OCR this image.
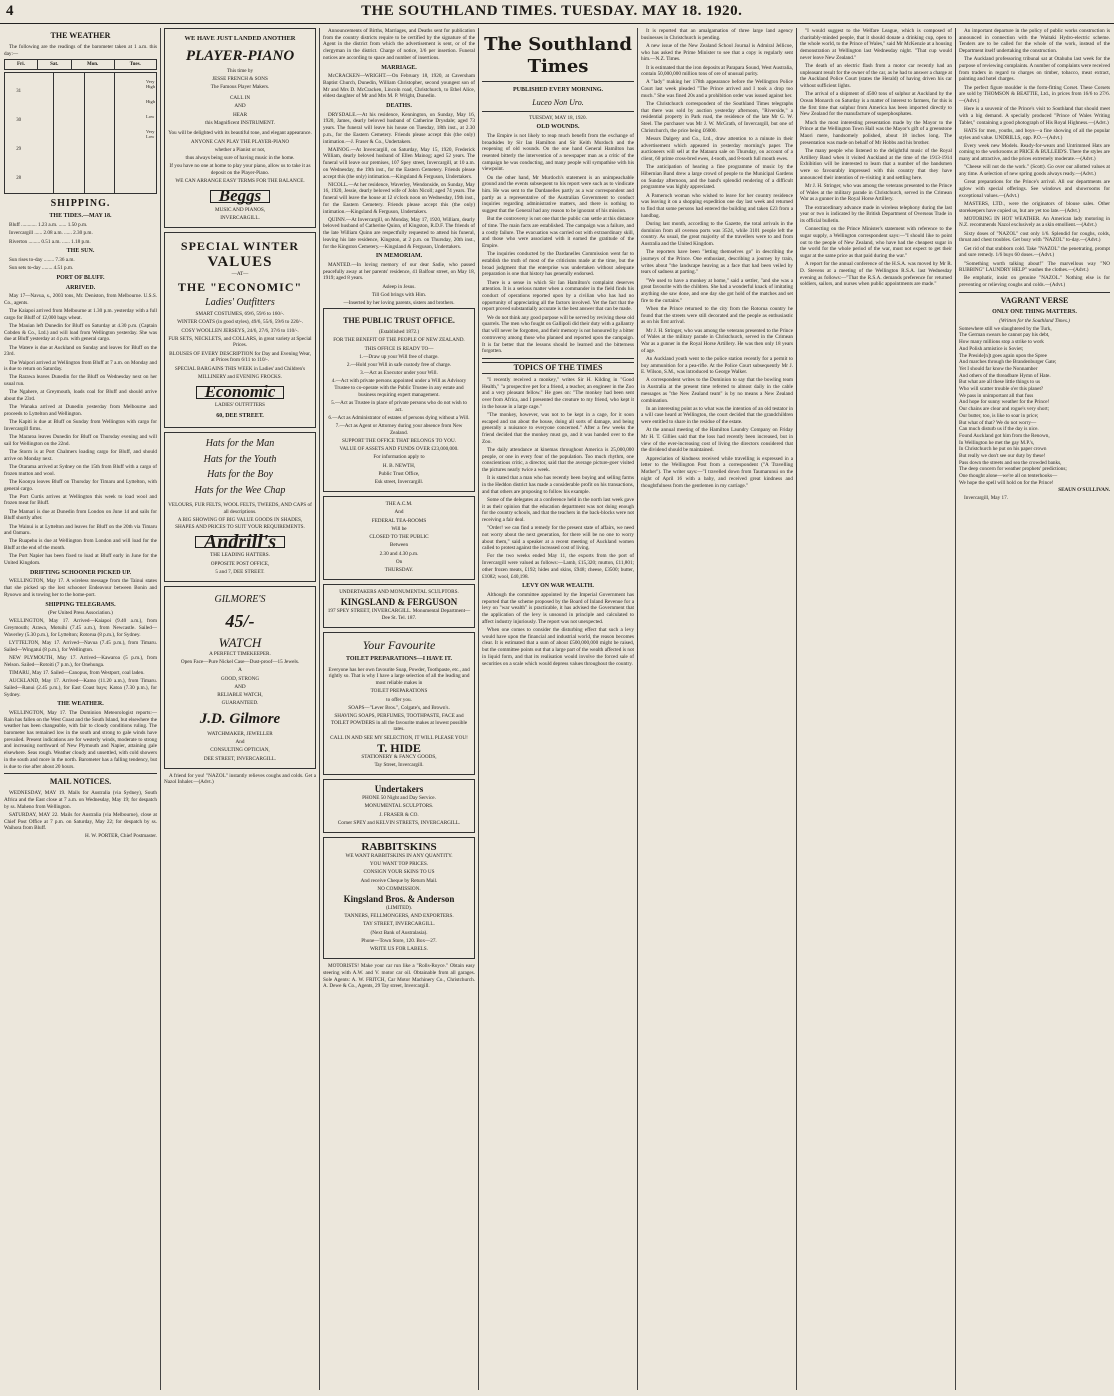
4	THE SOUTHLAND TIMES. TUESDAY. MAY 18. 1920.
THE WEATHER

The following are the readings of the barometer taken at 1 a.m. this day:—

Fri.	Sat.	Mon.	Tues.
31
30
29
28
Very High
High
Low
Very Low
SHIPPING.
THE TIDES.—MAY 18.

Bluff ............ 1.23 a.m. ...... 1.50 p.m.

Invercargill ...... 2.08 a.m. ...... 2.30 p.m.

Riverton ......... 0.51 a.m. ...... 1.18 p.m.

THE SUN.

Sun rises to-day ........ 7.36 a.m.

Sun sets to-day ........ 4.51 p.m.

PORT OF BLUFF.
ARRIVED.

May 17—Navua, s., 2003 tons, Mr. Deniston, from Melbourne. U.S.S. Co., agents.

The Kaiapoi arrived from Melbourne at 1.30 p.m. yesterday with a full cargo for Bluff of 12,000 bags wheat.

The Mauian left Dunedin for Bluff on Saturday at 4.30 p.m. (Captain Cobden & Co., Ltd.) and will load from Wellington yesterday. She was due at Bluff yesterday at 4 p.m. with general cargo.

The Watere is due at Auckland on Sunday and leaves for Bluff on the 23rd.

The Waipori arrived at Wellington from Bluff at 7 a.m. on Monday and is due to return on Saturday.

The Rarawa leaves Dunedin for the Bluff on Wednesday next on her usual run.

The Ngahere, at Greymouth, loads coal for Bluff and should arrive about the 23rd.

The Wanaka arrived at Dunedin yesterday from Melbourne and proceeds to Lyttelton and Wellington.

The Kapiti is due at Bluff on Sunday from Wellington with cargo for Invercargill firms.

The Mararoa leaves Dunedin for Bluff on Thursday evening and will sail for Wellington on the 22nd.

The Storm is at Port Chalmers loading cargo for Bluff, and should arrive on Monday next.

The Otarama arrived at Sydney on the 15th from Bluff with a cargo of frozen mutton and wool.

The Koonya leaves Bluff on Thursday for Timaru and Lyttelton, with general cargo.

The Port Curtis arrives at Wellington this week to load wool and frozen meat for Bluff.

The Mamari is due at Dunedin from London on June 14 and sails for Bluff shortly after.

The Wainui is at Lyttelton and leaves for Bluff on the 20th via Timaru and Oamaru.

The Ruapehu is due at Wellington from London and will load for the Bluff at the end of the month.

The Port Napier has been fixed to load at Bluff early in June for the United Kingdom.

DRIFTING SCHOONER PICKED UP.

WELLINGTON, May 17. A wireless message from the Tainui states that she picked up the lost schooner Endeavour between Bonin and Ryuowo and is towing her to the home-port.

SHIPPING TELEGRAMS.

(Per United Press Association.)

WELLINGTON, May 17. Arrived—Kaiapoi (9.40 a.m.), from Greymouth; Arawa, Motuihi (7.45 a.m.), from Newcastle. Sailed—Waverley (5.30 p.m.), for Lyttelton; Rotorua (8 p.m.), for Sydney.

LYTTELTON, May 17. Arrived—Navua (7.45 p.m.), from Timaru. Sailed—Wingatui (8 p.m.), for Wellington.

NEW PLYMOUTH, May 17. Arrived—Kawaroa (5 p.m.), from Nelson. Sailed—Rotoiti (7 p.m.), for Onehunga.

TIMARU, May 17. Sailed—Canopus, from Westport, coal laden.

AUCKLAND, May 17. Arrived—Kamo (11.20 a.m.), from Timaru. Sailed—Ranui (2.45 p.m.), for East Coast bays; Katoa (7.30 p.m.), for Sydney.

THE WEATHER.

WELLINGTON, May 17. The Dominion Meteorologist reports:—Rain has fallen on the West Coast and the South Island, but elsewhere the weather has been changeable, with fair to cloudy conditions ruling. The barometer has remained low in the south and strong to gale winds have prevailed. Present indications are for westerly winds, moderate to strong and increasing northward of New Plymouth and Napier, attaining gale elsewhere. Seas rough. Weather cloudy and unsettled, with cold showers in the south and more in the north. Barometer has a falling tendency, but is due to rise after about 20 hours.

MAIL NOTICES.

WEDNESDAY, MAY 19. Mails for Australia (via Sydney), South Africa and the East close at 7 a.m. on Wednesday, May 19; for despatch by ss. Maheno from Wellington.

SATURDAY, MAY 22. Mails for Australia (via Melbourne), close at Chief Post Office at 7 p.m. on Saturday, May 22; for despatch by ss. Waihora from Bluff.

H. W. PORTER, Chief Postmaster.

WE HAVE JUST LANDED ANOTHER

PLAYER-PIANO

This time by

JESSE FRENCH & SONS

The Famous Player Makers.

CALL IN

AND

HEAR

this Magnificent INSTRUMENT.

You will be delighted with its beautiful tone, and elegant appearance.

ANYONE CAN PLAY THE PLAYER-PIANO

whether a Pianist or not,

thus always being sure of having music in the home.

If you have no one at home to play your piano, allow us to take it as deposit on the Player-Piano.

WE CAN ARRANGE EASY TERMS FOR THE BALANCE.

Beggs

MUSIC AND PIANOS,

INVERCARGILL.

SPECIAL WINTER
VALUES

—AT—

THE "ECONOMIC"
Ladies' Outfitters

SMART COSTUMES, 69/6, 59/6 to 160/-.

WINTER COATS (in good styles), 49/6, 55/6, 59/6 to 220/-.

COSY WOOLLEN JERSEYS, 24/6, 27/6, 37/6 to 110/-.

FUR SETS, NECKLETS, and COLLARS, in great variety at Special Prices.

BLOUSES OF EVERY DESCRIPTION for Day and Evening Wear, at Prices from 6/11 to 110/-.

SPECIAL BARGAINS THIS WEEK in Ladies' and Children's

MILLINERY and EVENING FROCKS.

Economic

LADIES' OUTFITTERS

60, DEE STREET.

Hats for the Man

Hats for the Youth

Hats for the Boy

Hats for the Wee Chap

VELOURS, FUR FELTS, WOOL FELTS, TWEEDS, AND CAPS of all descriptions.

A BIG SHOWING OF BIG VALUE GOODS IN SHADES, SHAPES AND PRICES TO SUIT YOUR REQUIREMENTS.

Andrill's

THE LEADING HATTERS.

OPPOSITE POST OFFICE,

5 and 7, DEE STREET.

GILMORE'S
45/-
WATCH

A PERFECT TIMEKEEPER.

Open Face—Pure Nickel Case—Dust-proof—15 Jewels.

A

GOOD, STRONG

AND

RELIABLE WATCH,

GUARANTEED.

J.D. Gilmore

WATCHMAKER, JEWELLER

And

CONSULTING OPTICIAN,

DEE STREET, INVERCARGILL.

A friend for you! "NAZOL" instantly relieves coughs and colds. Get a Nazol Inhaler.—(Advt.)

Announcements of Births, Marriages, and Deaths sent for publication from the country districts require to be certified by the signature of the Agent in the district from which the advertisement is sent, or of the clergyman in the district. Charge of notice, 3/6 per insertion. Funeral notices are according to space and number of insertions.

MARRIAGE.

McCRACKEN—WRIGHT.—On February 18, 1920, at Caversham Baptist Church, Dunedin, William Christopher, second youngest son of Mr and Mrs D. McCracken, Lincoln road, Christchurch, to Ethel Alice, eldest daughter of Mr and Mrs M. P. Wright, Dunedin.

DEATHS.

DRYSDALE.—At his residence, Kennington, on Sunday, May 16, 1920, James, dearly beloved husband of Catherine Drysdale; aged 73 years. The funeral will leave his house on Tuesday, 18th inst., at 2.30 p.m., for the Eastern Cemetery. Friends please accept this (the only) intimation.—J. Fraser & Co., Undertakers.

MAINOG.—At Invercargill, on Saturday, May 15, 1920, Frederick William, dearly beloved husband of Ellen Mainog; aged 52 years. The funeral will leave our premises, 107 Spey street, Invercargill, at 10 a.m. on Wednesday, the 19th inst., for the Eastern Cemetery. Friends please accept this (the only) intimation.—Kingsland & Ferguson, Undertakers.

NICOLL.—At her residence, Waverley, Wendonside, on Sunday, May 16, 1920, Jessie, dearly beloved wife of John Nicoll; aged 74 years. The funeral will leave the house at 12 o'clock noon on Wednesday, 19th inst., for the Eastern Cemetery. Friends please accept this (the only) intimation.—Kingsland & Ferguson, Undertakers.

QUINN.—At Invercargill, on Monday, May 17, 1920, William, dearly beloved husband of Catherine Quinn, of Kingston, R.D.F. The friends of the late William Quinn are respectfully requested to attend his funeral, leaving his late residence, Kingston, at 2 p.m. on Thursday, 20th inst., for the Kingston Cemetery.—Kingsland & Ferguson, Undertakers.

IN MEMORIAM.

MANTED.—In loving memory of our dear Sadie, who passed peacefully away at her parents' residence, 41 Balfour street, on May 18, 1919; aged 8 years.

Asleep in Jesus.

Till God brings with Him.

—Inserted by her loving parents, sisters and brothers.

THE PUBLIC TRUST OFFICE.

(Established 1872.)

FOR THE BENEFIT OF THE PEOPLE OF NEW ZEALAND.

THIS OFFICE IS READY TO—

1.—Draw up your Will free of charge.

2.—Hold your Will in safe custody free of charge.

3.—Act as Executor under your Will.

4.—Act with private persons appointed under a Will as Advisory Trustee to co-operate with the Public Trustee in any estate and business requiring expert management.

5.—Act as Trustee in place of private persons who do not wish to act.

6.—Act as Administrator of estates of persons dying without a Will.

7.—Act as Agent or Attorney during your absence from New Zealand.

SUPPORT THE OFFICE THAT BELONGS TO YOU.

VALUE OF ASSETS AND FUNDS OVER £23,000,000.

For information apply to

H. B. NEWTH,

Public Trust Office,

Esk street, Invercargill.

THE A.C.M.

And

FEDERAL TEA-ROOMS

Will be

CLOSED TO THE PUBLIC

Between

2.30 and 4.30 p.m.

On

THURSDAY.

UNDERTAKERS AND MONUMENTAL SCULPTORS.

KINGSLAND & FERGUSON

197 SPEY STREET, INVERCARGILL. Monumental Department—Dee St. Tel. 187.

Your Favourite

TOILET PREPARATIONS—I HAVE IT.

Everyone has her own favourite Soap, Powder, Toothpaste, etc., and rightly so. That is why I have a large selection of all the leading and most reliable makes in

TOILET PREPARATIONS

to offer you.

SOAPS—"Lever Bros.", Colgate's, and Brown's.

SHAVING SOAPS, PERFUMES, TOOTHPASTE, FACE and TOILET POWDERS in all the favourite makes at lowest possible rates.

CALL IN AND SEE MY SELECTION, IT WILL PLEASE YOU!

T. HIDE

STATIONERY & FANCY GOODS,

Tay Street, Invercargill.

Undertakers

PHONE 50 Night and Day Service.

MONUMENTAL SCULPTORS.

J. FRASER & CO.

Corner SPEY and KELVIN STREETS, INVERCARGILL.

RABBITSKINS

WE WANT RABBITSKINS IN ANY QUANTITY.

YOU WANT TOP PRICES.

CONSIGN YOUR SKINS TO US

And receive Cheque by Return Mail.

NO COMMISSION.

Kingsland Bros. & Anderson

(LIMITED).

TANNERS, FELLMONGERS, AND EXPORTERS.

TAY STREET, INVERCARGILL.

(Next Bank of Australasia).

Phone—Town Store, 120. Box—27.

WRITE US FOR LABELS.

MOTORISTS! Make your car run like a "Rolls-Royce." Obtain easy steering with A.W. and V. motor car oil. Obtainable from all garages. Sole Agents: A. W. FRITCH, Car Motor Machinery Co., Christchurch. A. Dewe & Co., Agents, 29 Tay street, Invercargill.

The Southland Times

PUBLISHED EVERY MORNING.

Luceo Non Uro.

TUESDAY, MAY 18, 1920.

OLD WOUNDS.

The Empire is not likely to reap much benefit from the exchange of broadsides by Sir Ian Hamilton and Sir Keith Murdoch and the reopening of old wounds. On the one hand General Hamilton has resented bitterly the intervention of a newspaper man as a critic of the campaign he was conducting, and many people will sympathise with his viewpoint.

On the other hand, Mr Murdoch's statement is an unimpeachable ground and the events subsequent to his report were such as to vindicate him. He was sent to the Dardanelles partly as a war correspondent and partly as a representative of the Australian Government to conduct inquiries regarding administrative matters, and there is nothing to suggest that the General had any reason to be ignorant of his mission.

But the controversy is not one that the public can settle at this distance of time. The main facts are established. The campaign was a failure, and a costly failure. The evacuation was carried out with extraordinary skill, and those who were associated with it earned the gratitude of the Empire.

The inquiries conducted by the Dardanelles Commission went far to establish the truth of most of the criticisms made at the time, but the broad judgment that the enterprise was undertaken without adequate preparation is one that history has generally endorsed.

There is a sense in which Sir Ian Hamilton's complaint deserves attention. It is a serious matter when a commander in the field finds his conduct of operations reported upon by a civilian who has had no opportunity of appreciating all the factors involved. Yet the fact that the report proved substantially accurate is the best answer that can be made.

We do not think any good purpose will be served by reviving these old quarrels. The men who fought on Gallipoli did their duty with a gallantry that will never be forgotten, and their memory is not honoured by a bitter controversy among those who planned and reported upon the campaign. It is far better that the lessons should be learned and the bitterness forgotten.

TOPICS OF THE TIMES

"I recently received a monkey," writes Sir H. Kilding in "Good Health," "a prospective pet for a friend, a teacher, an engineer in the Zoo and a very pleasant fellow." He goes on: "The monkey had been sent over from Africa, and I presented the creature to my friend, who kept it in the house in a large cage."

"The monkey, however, was not to be kept in a cage, for it soon escaped and ran about the house, doing all sorts of damage, and being generally a nuisance to everyone concerned." After a few weeks the friend decided that the monkey must go, and it was handed over to the Zoo.

The daily attendance at kinemas throughout America is 25,000,000 people, or one in every four of the population. Too much rhythm, one conscientious critic, a director, said that the average picture-goer visited the pictures nearly twice a week.

It is stated that a man who has recently been buying and selling farms in the Heddon district has made a considerable profit on his transactions, and that others are proposing to follow his example.

Some of the delegates at a conference held in the north last week gave it as their opinion that the education department was not doing enough for the country schools, and that the teachers in the back-blocks were not receiving a fair deal.

"Order! we can find a remedy for the present state of affairs, we need not worry about the next generation, for there will be no one to worry about them," said a speaker at a recent meeting of Auckland women called to protest against the increased cost of living.

For the two weeks ended May 11, the exports from the port of Invercargill were valued as follows:—Lamb, £15,320; mutton, £11,801; other frozen meats, £192; hides and skins, £948; cheese, £3500; butter, £1082; wool, £40,198.

LEVY ON WAR WEALTH.

Although the committee appointed by the Imperial Government has reported that the scheme proposed by the Board of Inland Revenue for a levy on "war wealth" is practicable, it has advised the Government that the application of the levy is unsound in principle and calculated to affect industry injuriously. The report was not unexpected.

When one comes to consider the disturbing effect that such a levy would have upon the financial and industrial world, the reason becomes clear. It is estimated that a sum of about £500,000,000 might be raised, but the committee points out that a large part of the wealth affected is not in liquid form, and that its realisation would involve the forced sale of securities on a scale which would depress values throughout the country.

It is reported that an amalgamation of three large land agency businesses in Christchurch is pending.

A new issue of the New Zealand School Journal is Admiral Jellicoe, who has asked the Prime Minister to see that a copy is regularly sent him.—N.Z. Times.

It is estimated that the iron deposits at Parapara Sound, West Australia, contain 50,000,000 million tons of ore of unusual purity.

A "lady" making her 178th appearance before the Wellington Police Court last week pleaded "The Prince arrived and I took a drop too much." She was fined 20s and a prohibition order was issued against her.

The Christchurch correspondent of the Southland Times telegraphs that there was sold by auction yesterday afternoon, "Riverside," a residential property in Park road, the residence of the late Mr G. W. Steel. The purchaser was Mr J. W. McGrath, of Invercargill, but one of Christchurch, the price being £6000.

Messrs Dalgety and Co., Ltd., draw attention to a minute in their advertisement which appeared in yesterday morning's paper. The auctioneers will sell at the Mataura sale on Thursday, on account of a client, 60 prime cross-bred ewes, 4-tooth, and 8-tooth full mouth ewes.

The anticipation of hearing a fine programme of music by the Hibernian Band drew a large crowd of people to the Municipal Gardens on Sunday afternoon, and the band's splendid rendering of a difficult programme was highly appreciated.

A Pameroch woman who wished to leave for her country residence was leaving it on a shopping expedition one day last week and returned to find that some persons had entered the building and taken £23 from a handbag.

During last month, according to the Gazette, the total arrivals in the dominion from all oversea ports was 3524, while 3101 people left the country. As usual, the great majority of the travellers were to and from Australia and the United Kingdom.

The reporters have been "letting themselves go" in describing the journeys of the Prince. One enthusiast, describing a journey by train, writes about "the landscape heaving as a face that had been veiled by tears of sadness at parting."

"We used to have a monkey at home," said a settler, "and she was a great favourite with the children. She had a wonderful knack of imitating anything she saw done, and one day she got hold of the matches and set fire to the curtains."

When the Prince returned to the city from the Rotorua country he found that the streets were still decorated and the people as enthusiastic as on his first arrival.

Mr J. H. Stringer, who was among the veterans presented to the Prince of Wales at the military parade in Christchurch, served in the Crimean War as a gunner in the Royal Horse Artillery. He was then only 18 years of age.

An Auckland youth went to the police station recently for a permit to buy ammunition for a pea-rifle. At the Police Court subsequently Mr J. E. Wilson, S.M., was introduced to George Walker.

A correspondent writes to the Dominion to say that the bowling team in Australia at the present time referred to almost daily in the cable messages as "the New Zealand team" is by no means a New Zealand combination.

In an interesting point as to what was the intention of an old testator in a will case heard at Wellington, the court decided that the grandchildren were entitled to share in the residue of the estate.

At the annual meeting of the Hamilton Laundry Company on Friday Mr H. T. Gillies said that the loss had recently been increased, but in view of the ever-increasing cost of living the directors considered that the dividend should be maintained.

Appreciation of kindness received while travelling is expressed in a letter to the Wellington Post from a correspondent ("A Travelling Mother"). The writer says:—"I travelled down from Taumarunui on the night of April 16 with a baby, and received great kindness and thoughtfulness from the gentlemen in my carriage."

"I would suggest to the Welfare League, which is composed of charitably-minded people, that it should donate a drinking cup, open to the whole world, to the Prince of Wales," said Mr McKenzie at a housing demonstration at Wellington last Wednesday night. "That cup would never leave New Zealand."

The death of an electric flash from a motor car recently had an unpleasant result for the owner of the car, as he had to answer a charge at the Auckland Police Court (states the Herald) of having driven his car without sufficient lights.

The arrival of a shipment of 4500 tons of sulphur at Auckland by the Ocean Monarch on Saturday is a matter of interest to farmers, for this is the first time that sulphur from America has been imported directly to New Zealand for the manufacture of superphosphates.

Much the most interesting presentation made by the Mayor to the Prince at the Wellington Town Hall was the Mayor's gift of a greenstone Maori mere, handsomely polished, about 18 inches long. The presentation was made on behalf of Mr Hobbs and his brother.

The many people who listened to the delightful music of the Royal Artillery Band when it visited Auckland at the time of the 1913-1914 Exhibition will be interested to learn that a number of the bandsmen were so favourably impressed with this country that they have announced their intention of re-visiting it and settling here.

Mr J. H. Stringer, who was among the veterans presented to the Prince of Wales at the military parade in Christchurch, served in the Crimean War as a gunner in the Royal Horse Artillery.

The extraordinary advance made in wireless telephony during the last year or two is indicated by the British Department of Overseas Trade in its official bulletin.

Connecting on the Prince Minister's statement with reference to the sugar supply, a Wellington correspondent says:—"I should like to point out to the people of New Zealand, who have had the cheapest sugar in the world for the whole period of the war, must not expect to get their sugar at the same price as that paid during the war."

A report for the annual conference of the H.S.A. was moved by Mr R. D. Stevens at a meeting of the Wellington R.S.A. last Wednesday evening as follows:—"That the R.S.A. demands preference for returned soldiers, sailors, and nurses when public appointments are made."

An important departure in the policy of public works construction is announced in connection with the Waitaki Hydro-electric scheme. Tenders are to be called for the whole of the work, instead of the Department itself undertaking the construction.

The Auckland professoring tribunal sat at Otahuhu last week for the purpose of reviewing complaints. A number of complaints were received from traders in regard to charges on timber, tobacco, meat extract, painting and hotel charges.

The perfect figure moulder is the form-fitting Corset. These Corsets are sold by THOMSON & BEATTIE, Ltd., in prices from 16/6 to 27/6.—(Advt.)

Here is a souvenir of the Prince's visit to Southland that should meet with a big demand. A specially produced "Prince of Wales Writing Tablet," containing a good photograph of His Royal Highness.—(Advt.)

HATS for men, youths, and boys—a fine showing of all the popular styles and value. UNDRILLS, opp. P.O.—(Advt.)

Every week new Models. Ready-for-wears and Untrimmed Hats are coming to the workrooms at PRICE & BULLEID'S. There the styles are many and attractive, and the prices extremely moderate.—(Advt.)

"Cheese will not do the work." (Scott). Go over our allotted values at any time. A selection of new spring goods always ready.—(Advt.)

Great preparations for the Prince's arrival. All our departments are aglow with special offerings. See windows and showrooms for exceptional values.—(Advt.)

MASTERS, LTD., were the originators of blouse sales. Other storekeepers have copied us, but are yet too late.—(Advt.)

MOTORING IN HOT WEATHER. An American lady motoring in N.Z. recommends Nazol exclusively as a skin emollient.—(Advt.)

Sixty doses of "NAZOL" cost only 1/6. Splendid for coughs, colds, throat and chest troubles. Get busy with "NAZOL" to-day.—(Advt.)

Get rid of that stubborn cold. Take "NAZOL" the penetrating, prompt and sure remedy. 1/6 buys 60 doses.—(Advt.)

"Something worth talking about!" The marvellous way "NO RUBBING" LAUNDRY HELP" washes the clothes.—(Advt.)

Be emphatic, insist on genuine "NAZOL." Nothing else is for preventing or relieving coughs and colds.—(Advt.)

VAGRANT VERSE
ONLY ONE THING MATTERS.

(Written for the Southland Times.)

Somewhere still we slaughtered by the Turk,

The German swears he cannot pay his debt,

How many millions stop a strike to work

And Polish armistice is Soviet;

The Preside[n]t goes again upon the Spree

And marches through the Brandenburger Gate;

Yet I should far know the Nonnamber

And others of the threadbare Hymn of Hate.

But what are all these little things to us

Who will scatter trouble o'er this planet?

We pass in unimportant all that fuss

And hope for sunny weather for the Prince!

Our chains are clear and rogue's very short;

Our butter, too, is like to soar in price;

But what of that? We do not worry—

Can much disturb us if the day is nice.

Found Auckland got him from the Renown,

In Wellington he met the gay M.P.'s,

In Christchurch he put on his paper crown

But really we don't see our duty by these!

Pass down the streets and sea the crowded banks,

The deep concern for weather prophets' predictions;

One thought alone—we're all on tenterhooks—

We hope the spell will hold on for the Prince!

SEAUN O'SULLIVAN.

Invercargill, May 17.
